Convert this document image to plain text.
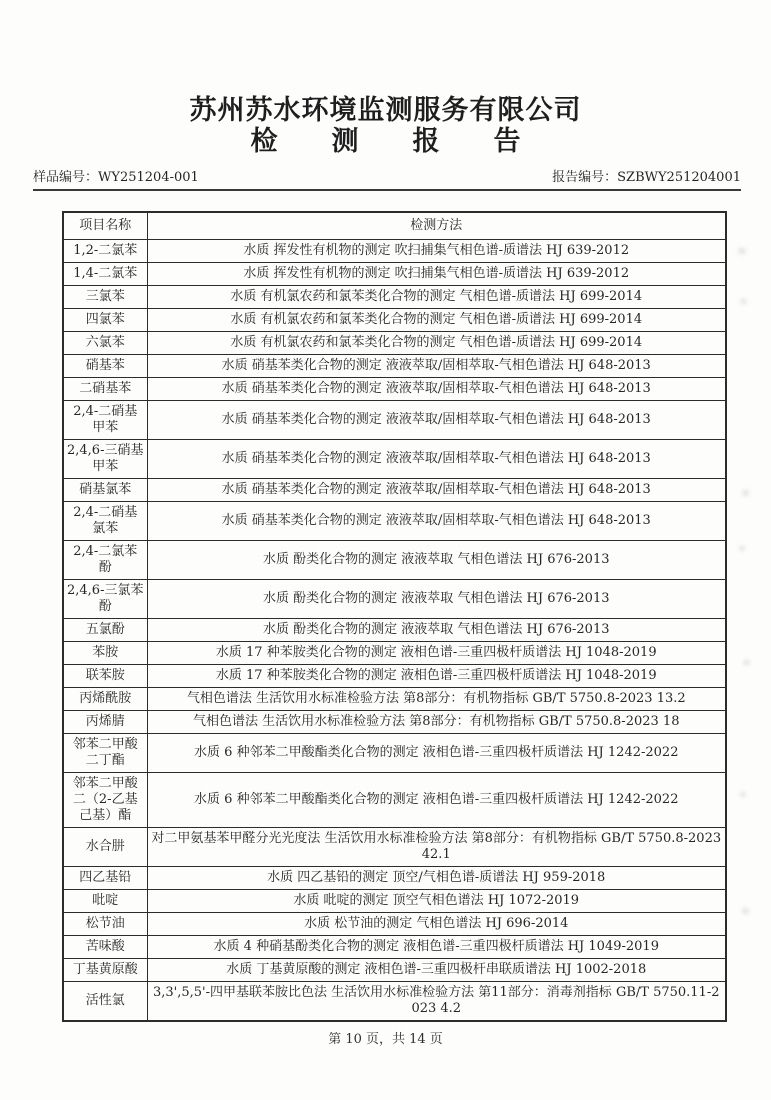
苏州苏水环境监测服务有限公司
检　　测　　报　　告
样品编号：WY251204-001	报告编号：SZBWY251204001
项目名称	检测方法
1,2-二氯苯	水质 挥发性有机物的测定 吹扫捕集气相色谱-质谱法 HJ 639-2012
1,4-二氯苯	水质 挥发性有机物的测定 吹扫捕集气相色谱-质谱法 HJ 639-2012
三氯苯	水质 有机氯农药和氯苯类化合物的测定 气相色谱-质谱法 HJ 699-2014
四氯苯	水质 有机氯农药和氯苯类化合物的测定 气相色谱-质谱法 HJ 699-2014
六氯苯	水质 有机氯农药和氯苯类化合物的测定 气相色谱-质谱法 HJ 699-2014
硝基苯	水质 硝基苯类化合物的测定 液液萃取/固相萃取-气相色谱法 HJ 648-2013
二硝基苯	水质 硝基苯类化合物的测定 液液萃取/固相萃取-气相色谱法 HJ 648-2013
2,4-二硝基甲苯	水质 硝基苯类化合物的测定 液液萃取/固相萃取-气相色谱法 HJ 648-2013
2,4,6-三硝基甲苯	水质 硝基苯类化合物的测定 液液萃取/固相萃取-气相色谱法 HJ 648-2013
硝基氯苯	水质 硝基苯类化合物的测定 液液萃取/固相萃取-气相色谱法 HJ 648-2013
2,4-二硝基氯苯	水质 硝基苯类化合物的测定 液液萃取/固相萃取-气相色谱法 HJ 648-2013
2,4-二氯苯酚	水质 酚类化合物的测定 液液萃取 气相色谱法 HJ 676-2013
2,4,6-三氯苯酚	水质 酚类化合物的测定 液液萃取 气相色谱法 HJ 676-2013
五氯酚	水质 酚类化合物的测定 液液萃取 气相色谱法 HJ 676-2013
苯胺	水质 17 种苯胺类化合物的测定 液相色谱-三重四极杆质谱法 HJ 1048-2019
联苯胺	水质 17 种苯胺类化合物的测定 液相色谱-三重四极杆质谱法 HJ 1048-2019
丙烯酰胺	气相色谱法 生活饮用水标准检验方法 第8部分：有机物指标 GB/T 5750.8-2023 13.2
丙烯腈	气相色谱法 生活饮用水标准检验方法 第8部分：有机物指标 GB/T 5750.8-2023 18
邻苯二甲酸二丁酯	水质 6 种邻苯二甲酸酯类化合物的测定 液相色谱-三重四极杆质谱法 HJ 1242-2022
邻苯二甲酸二（2-乙基己基）酯	水质 6 种邻苯二甲酸酯类化合物的测定 液相色谱-三重四极杆质谱法 HJ 1242-2022
水合肼	对二甲氨基苯甲醛分光光度法 生活饮用水标准检验方法 第8部分：有机物指标 GB/T 5750.8-2023 42.1
四乙基铅	水质 四乙基铅的测定 顶空/气相色谱-质谱法 HJ 959-2018
吡啶	水质 吡啶的测定 顶空气相色谱法 HJ 1072-2019
松节油	水质 松节油的测定 气相色谱法 HJ 696-2014
苦味酸	水质 4 种硝基酚类化合物的测定 液相色谱-三重四极杆质谱法 HJ 1049-2019
丁基黄原酸	水质 丁基黄原酸的测定 液相色谱-三重四极杆串联质谱法 HJ 1002-2018
活性氯	3,3',5,5'-四甲基联苯胺比色法 生活饮用水标准检验方法 第11部分：消毒剂指标 GB/T 5750.11-2023 4.2
第 10 页，共 14 页
